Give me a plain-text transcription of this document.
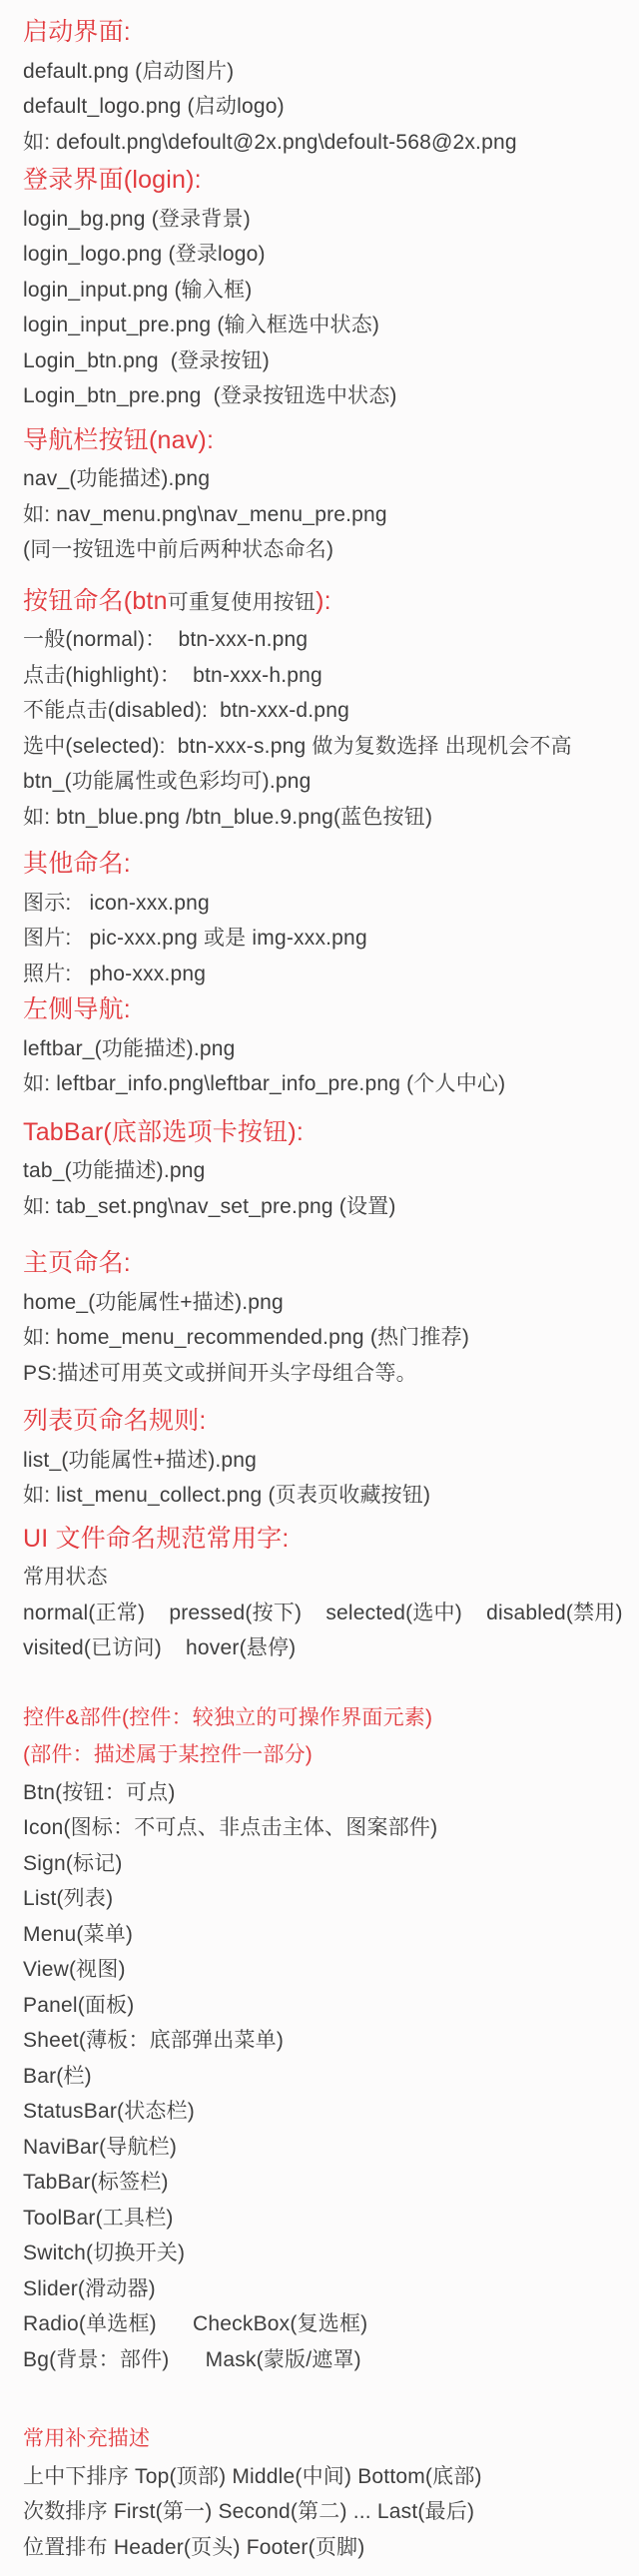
启动界面:
default.png (启动图片)
default_logo.png (启动logo)
如: defoult.png\defoult@2x.png\defoult-568@2x.png
登录界面(login):
login_bg.png (登录背景)
login_logo.png (登录logo)
login_input.png (输入框)
login_input_pre.png (输入框选中状态)
Login_btn.png  (登录按钮)
Login_btn_pre.png  (登录按钮选中状态)
导航栏按钮(nav):
nav_(功能描述).png
如: nav_menu.png\nav_menu_pre.png
(同一按钮选中前后两种状态命名)
按钮命名(btn可重复使用按钮):
一般(normal)：  btn-xxx-n.png
点击(highlight)：  btn-xxx-h.png
不能点击(disabled):  btn-xxx-d.png
选中(selected):  btn-xxx-s.png 做为复数选择 出现机会不高
btn_(功能属性或色彩均可).png
如: btn_blue.png /btn_blue.9.png(蓝色按钮)
其他命名:
图示:   icon-xxx.png
图片:   pic-xxx.png 或是 img-xxx.png
照片:   pho-xxx.png
左侧导航:
leftbar_(功能描述).png
如: leftbar_info.png\leftbar_info_pre.png (个人中心)
TabBar(底部选项卡按钮):
tab_(功能描述).png
如: tab_set.png\nav_set_pre.png (设置)
主页命名:
home_(功能属性+描述).png
如: home_menu_recommended.png (热门推荐)
PS:描述可用英文或拼间开头字母组合等。
列表页命名规则:
list_(功能属性+描述).png
如: list_menu_collect.png (页表页收藏按钮)
UI 文件命名规范常用字:
常用状态
normal(正常)    pressed(按下)    selected(选中)    disabled(禁用)
visited(已访问)    hover(悬停)
控件&部件(控件：较独立的可操作界面元素)
(部件：描述属于某控件一部分)
Btn(按钮：可点)
Icon(图标：不可点、非点击主体、图案部件)
Sign(标记)
List(列表)
Menu(菜单)
View(视图)
Panel(面板)
Sheet(薄板：底部弹出菜单)
Bar(栏)
StatusBar(状态栏)
NaviBar(导航栏)
TabBar(标签栏)
ToolBar(工具栏)
Switch(切换开关)
Slider(滑动器)
Radio(单选框)      CheckBox(复选框)
Bg(背景：部件)      Mask(蒙版/遮罩)
常用补充描述
上中下排序 Top(顶部) Middle(中间) Bottom(底部)
次数排序 First(第一) Second(第二) ... Last(最后)
位置排布 Header(页头) Footer(页脚)
